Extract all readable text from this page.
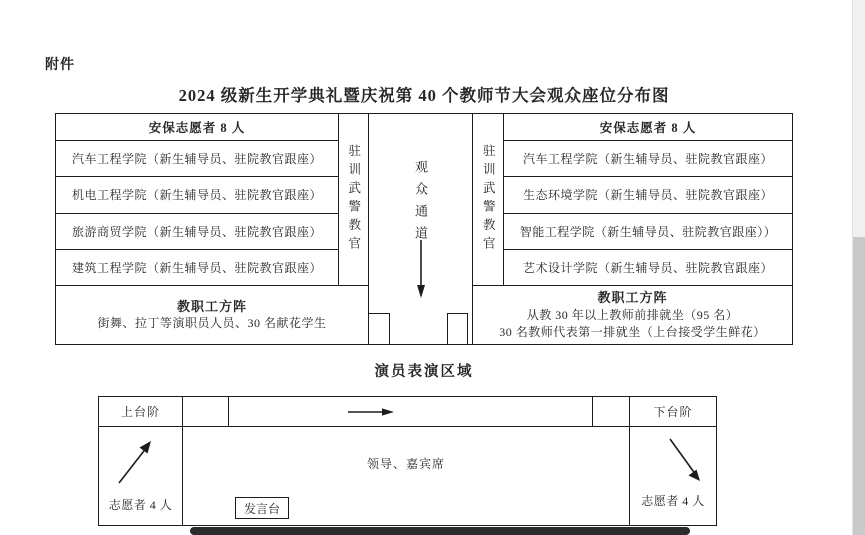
附件
2024 级新生开学典礼暨庆祝第 40 个教师节大会观众座位分布图
安保志愿者 8 人
汽车工程学院（新生辅导员、驻院教官跟座）
机电工程学院（新生辅导员、驻院教官跟座）
旅游商贸学院（新生辅导员、驻院教官跟座）
建筑工程学院（新生辅导员、驻院教官跟座）
驻训武警教官	观众通道	驻训武警教官
安保志愿者 8 人
汽车工程学院（新生辅导员、驻院教官跟座）
生态环境学院（新生辅导员、驻院教官跟座）
智能工程学院（新生辅导员、驻院教官跟座））
艺术设计学院（新生辅导员、驻院教官跟座）
教职工方阵
街舞、拉丁等演职员人员、30 名献花学生
教职工方阵
从教 30 年以上教师前排就坐（95 名）
30 名教师代表第一排就坐（上台接受学生鲜花）
演员表演区域
上台阶	下台阶
志愿者 4 人
领导、嘉宾席
发言台
志愿者 4 人
